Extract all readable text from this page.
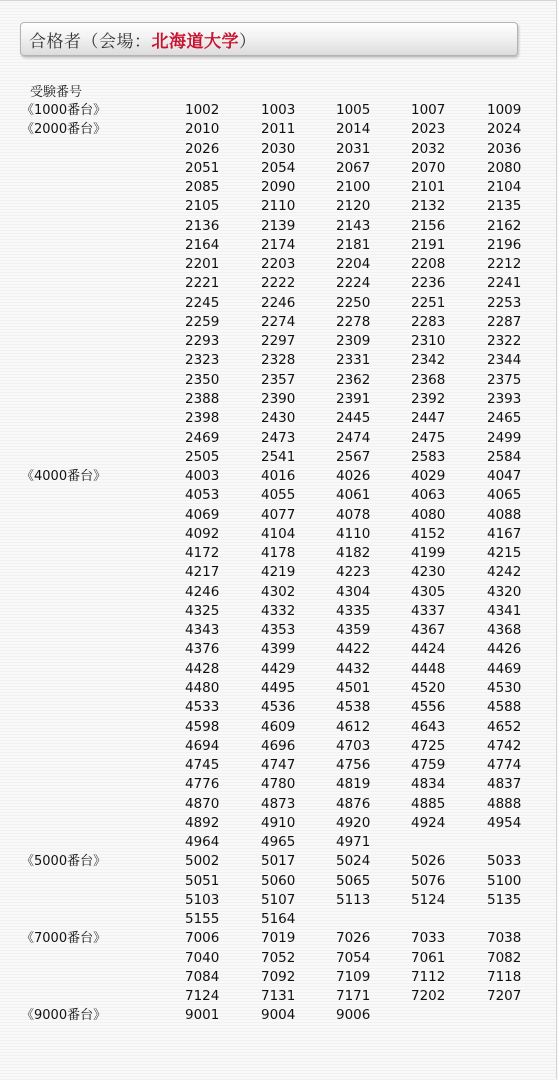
合格者（会場： 北海道大学 ）
受験番号
《1000番台》	1002	1003	1005	1007	1009
《2000番台》	2010	2011	2014	2023	2024
2026	2030	2031	2032	2036
2051	2054	2067	2070	2080
2085	2090	2100	2101	2104
2105	2110	2120	2132	2135
2136	2139	2143	2156	2162
2164	2174	2181	2191	2196
2201	2203	2204	2208	2212
2221	2222	2224	2236	2241
2245	2246	2250	2251	2253
2259	2274	2278	2283	2287
2293	2297	2309	2310	2322
2323	2328	2331	2342	2344
2350	2357	2362	2368	2375
2388	2390	2391	2392	2393
2398	2430	2445	2447	2465
2469	2473	2474	2475	2499
2505	2541	2567	2583	2584
《4000番台》	4003	4016	4026	4029	4047
4053	4055	4061	4063	4065
4069	4077	4078	4080	4088
4092	4104	4110	4152	4167
4172	4178	4182	4199	4215
4217	4219	4223	4230	4242
4246	4302	4304	4305	4320
4325	4332	4335	4337	4341
4343	4353	4359	4367	4368
4376	4399	4422	4424	4426
4428	4429	4432	4448	4469
4480	4495	4501	4520	4530
4533	4536	4538	4556	4588
4598	4609	4612	4643	4652
4694	4696	4703	4725	4742
4745	4747	4756	4759	4774
4776	4780	4819	4834	4837
4870	4873	4876	4885	4888
4892	4910	4920	4924	4954
4964	4965	4971
《5000番台》	5002	5017	5024	5026	5033
5051	5060	5065	5076	5100
5103	5107	5113	5124	5135
5155	5164
《7000番台》	7006	7019	7026	7033	7038
7040	7052	7054	7061	7082
7084	7092	7109	7112	7118
7124	7131	7171	7202	7207
《9000番台》	9001	9004	9006
